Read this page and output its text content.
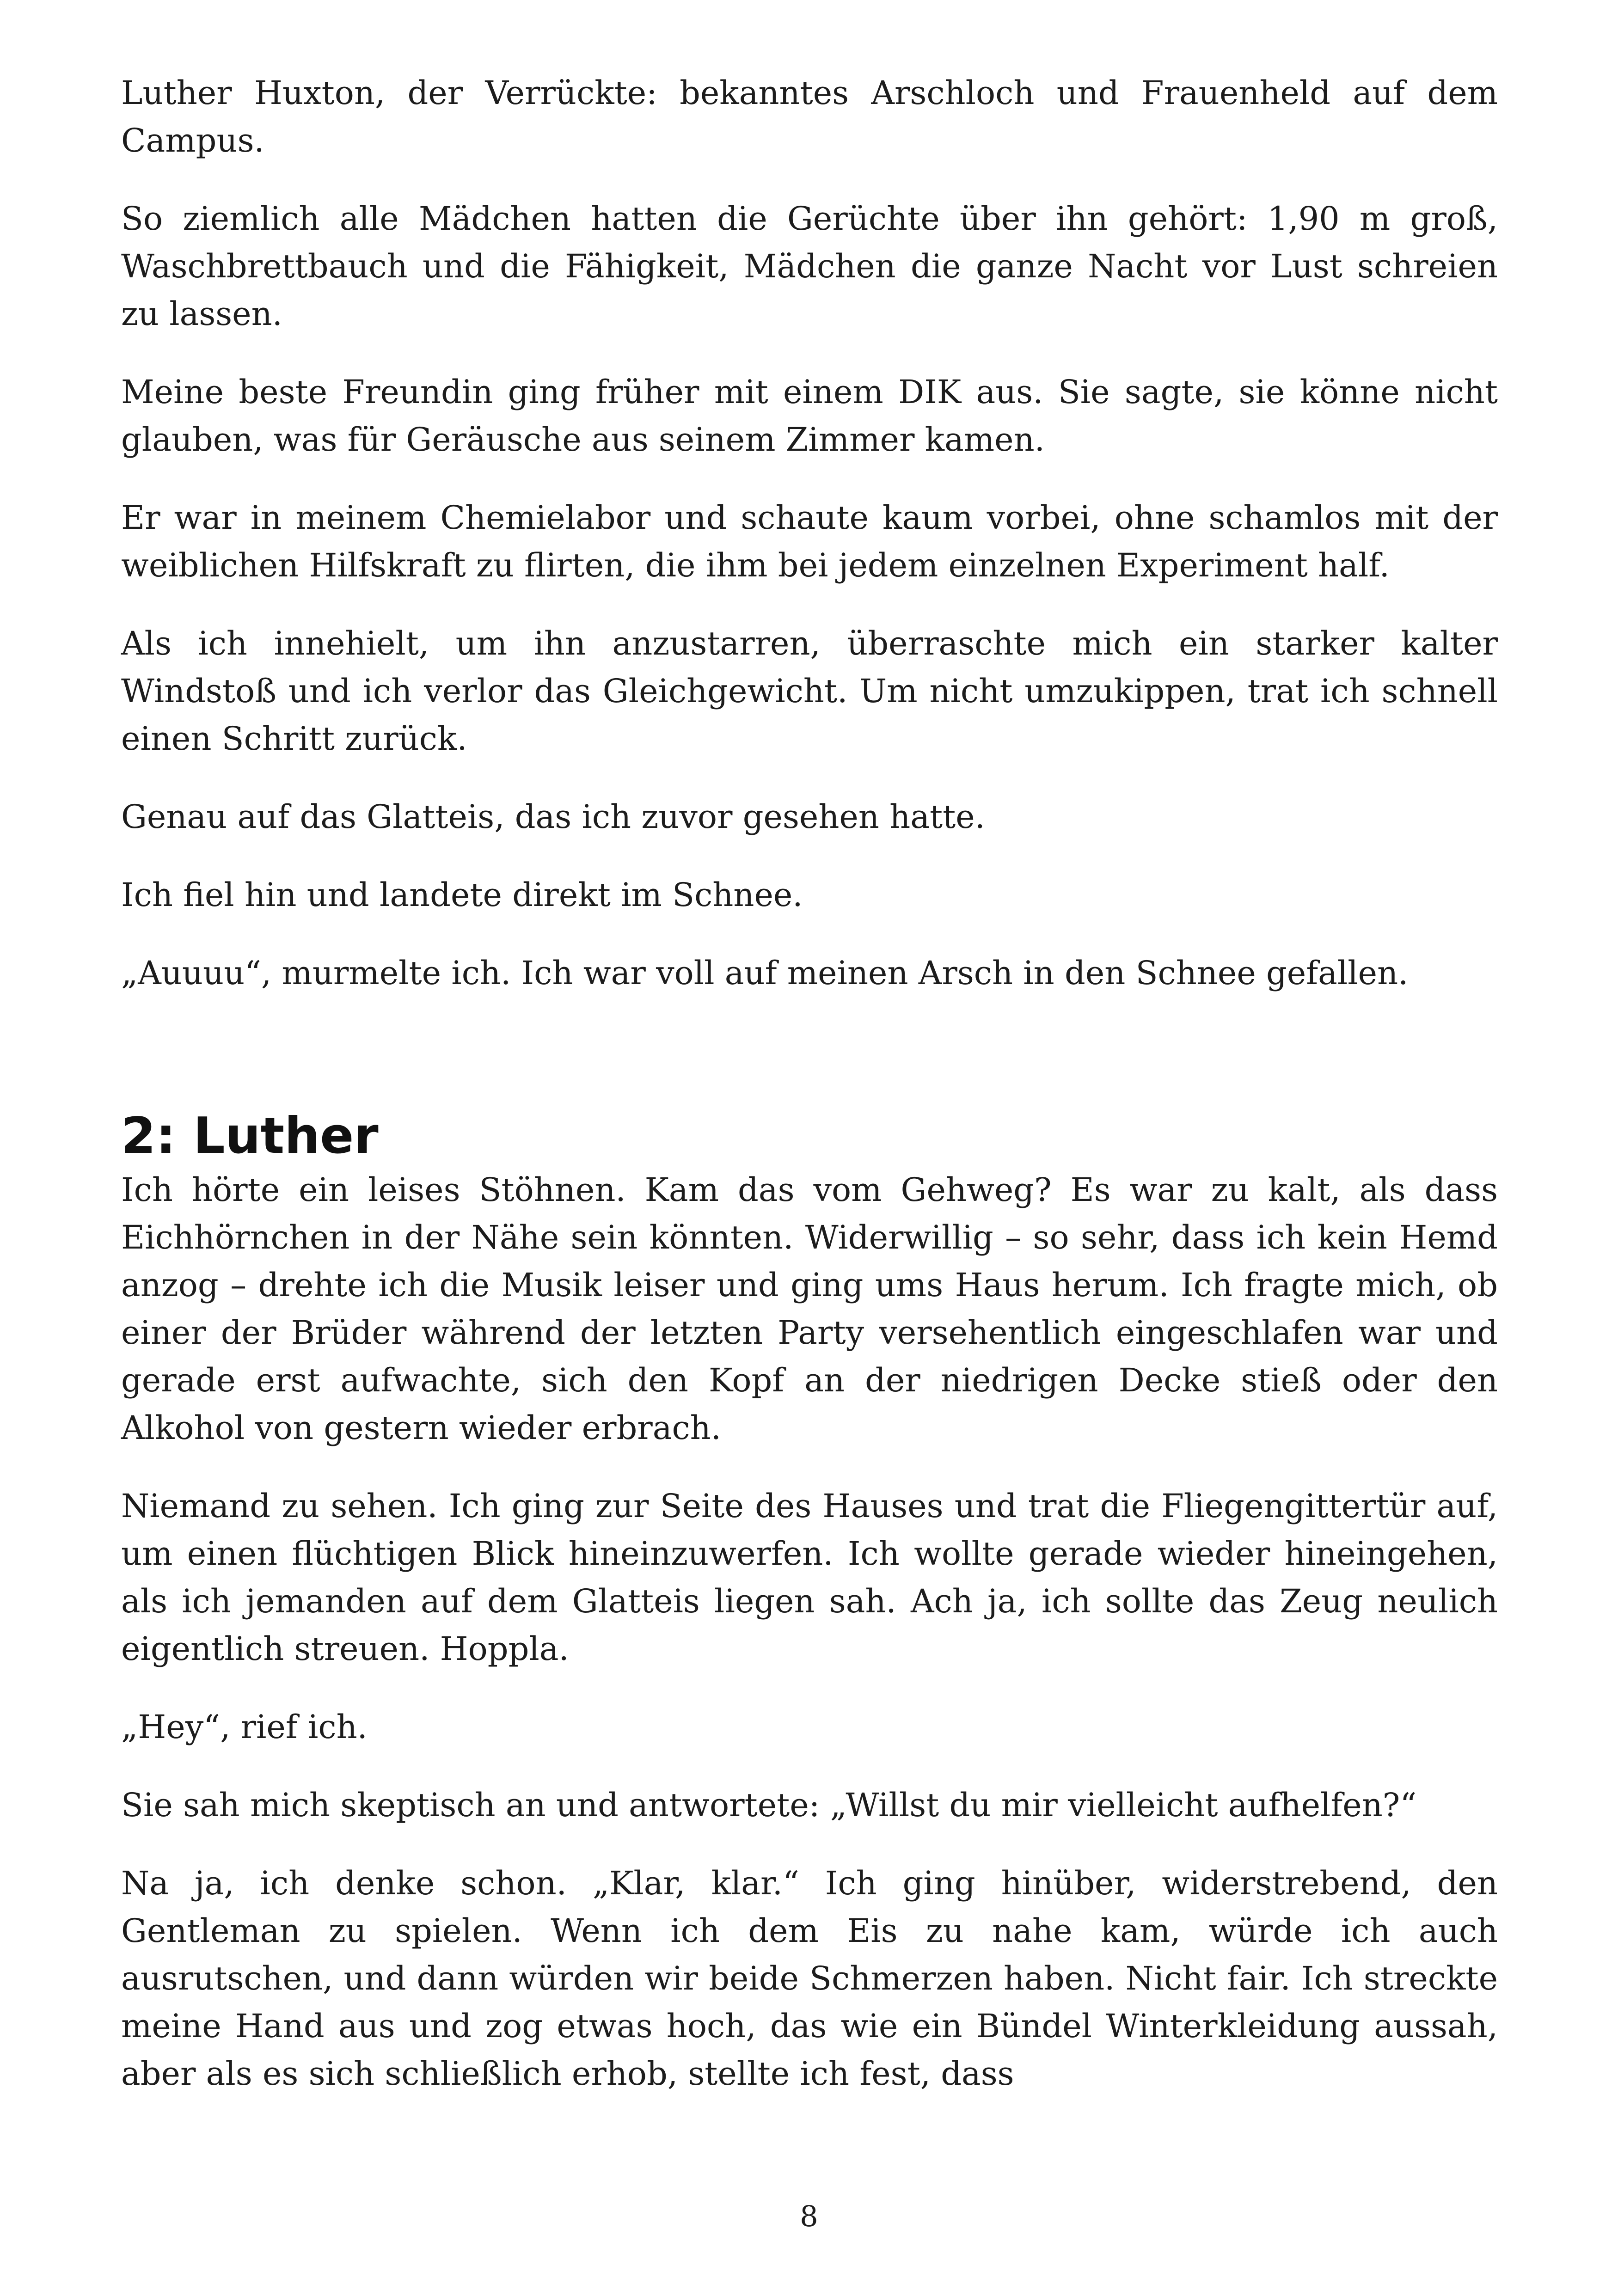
Luther Huxton, der Verrückte: bekanntes Arschloch und Frauenheld auf dem Campus.

So ziemlich alle Mädchen hatten die Gerüchte über ihn gehört: 1,90 m groß, Waschbrettbauch und die Fähigkeit, Mädchen die ganze Nacht vor Lust schreien zu lassen.

Meine beste Freundin ging früher mit einem DIK aus. Sie sagte, sie könne nicht glauben, was für Geräusche aus seinem Zimmer kamen.

Er war in meinem Chemielabor und schaute kaum vorbei, ohne schamlos mit der weiblichen Hilfskraft zu flirten, die ihm bei jedem einzelnen Experiment half.

Als ich innehielt, um ihn anzustarren, überraschte mich ein starker kalter Windstoß und ich verlor das Gleichgewicht. Um nicht umzukippen, trat ich schnell einen Schritt zurück.

Genau auf das Glatteis, das ich zuvor gesehen hatte.

Ich fiel hin und landete direkt im Schnee.

„Auuuu“, murmelte ich. Ich war voll auf meinen Arsch in den Schnee gefallen.

2: Luther

Ich hörte ein leises Stöhnen. Kam das vom Gehweg? Es war zu kalt, als dass Eichhörnchen in der Nähe sein könnten. Widerwillig – so sehr, dass ich kein Hemd anzog – drehte ich die Musik leiser und ging ums Haus herum. Ich fragte mich, ob einer der Brüder während der letzten Party versehentlich eingeschlafen war und gerade erst aufwachte, sich den Kopf an der niedrigen Decke stieß oder den Alkohol von gestern wieder erbrach.

Niemand zu sehen. Ich ging zur Seite des Hauses und trat die Fliegengittertür auf, um einen flüchtigen Blick hineinzuwerfen. Ich wollte gerade wieder hineingehen, als ich jemanden auf dem Glatteis liegen sah. Ach ja, ich sollte das Zeug neulich eigentlich streuen. Hoppla.

„Hey“, rief ich.

Sie sah mich skeptisch an und antwortete: „Willst du mir vielleicht aufhelfen?“

Na ja, ich denke schon. „Klar, klar.“ Ich ging hinüber, widerstrebend, den Gentleman zu spielen. Wenn ich dem Eis zu nahe kam, würde ich auch ausrutschen, und dann würden wir beide Schmerzen haben. Nicht fair. Ich streckte meine Hand aus und zog etwas hoch, das wie ein Bündel Winterkleidung aussah, aber als es sich schließlich erhob, stellte ich fest, dass

8
